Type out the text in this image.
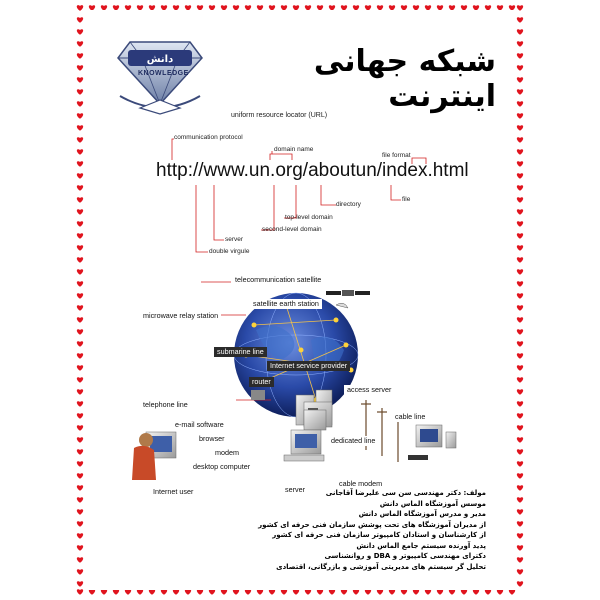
دانش
KNOWLEDGE	شبکه جهانی اینترنت
uniform resource locator (URL)
communication protocol
domain name
file format
http://www.un.org/aboutun/index.html
directory
file
top-level domain
second-level domain
server
double virgule
telecommunication satellite
satellite earth station
microwave relay station
submarine line
Internet service provider
router
access server
telephone line
cable line
e-mail software
browser	dedicated line
modem
desktop computer
cable modem
server
Internet user	مولف: دکتر مهندسی سن سی علیرضا آقاجانی
موسس آموزشگاه الماس دانش
مدیر و مدرس آموزشگاه الماس دانش
از مدیران آموزشگاه های تحت پوشش سازمان فنی حرفه ای کشور
از کارشناسان و استادان کامپیوتر سازمان فنی حرفه ای کشور
پدید آورنده سیستم جامع الماس دانش
دکترای مهندسی کامپیوتر و DBA و روانشناسی
تحلیل گر سیستم های مدیریتی آموزشی و بازرگانی، اقتصادی
